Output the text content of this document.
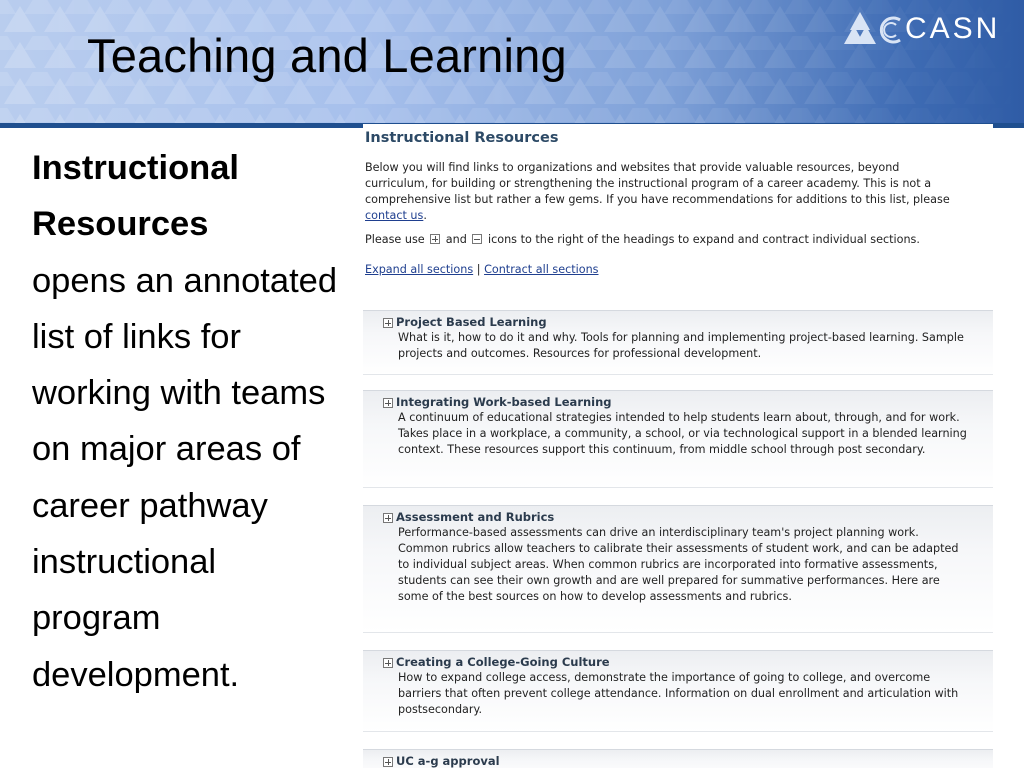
Teaching and Learning
CASN
Instructional
Resources
opens an annotated list of links for working with teams on major areas of career pathway instructional program development.
Instructional Resources
Below you will find links to organizations and websites that provide valuable resources, beyond curriculum, for building or strengthening the instructional program of a career academy. This is not a comprehensive list but rather a few gems. If you have recommendations for additions to this list, please contact us.
Please use and icons to the right of the headings to expand and contract individual sections.
Expand all sections | Contract all sections
Project Based Learning
What is it, how to do it and why. Tools for planning and implementing project-based learning. Sample projects and outcomes. Resources for professional development.
Integrating Work-based Learning
A continuum of educational strategies intended to help students learn about, through, and for work. Takes place in a workplace, a community, a school, or via technological support in a blended learning context. These resources support this continuum, from middle school through post secondary.
Assessment and Rubrics
Performance-based assessments can drive an interdisciplinary team's project planning work. Common rubrics allow teachers to calibrate their assessments of student work, and can be adapted to individual subject areas. When common rubrics are incorporated into formative assessments, students can see their own growth and are well prepared for summative performances. Here are some of the best sources on how to develop assessments and rubrics.
Creating a College-Going Culture
How to expand college access, demonstrate the importance of going to college, and overcome barriers that often prevent college attendance. Information on dual enrollment and articulation with postsecondary.
UC a-g approval
